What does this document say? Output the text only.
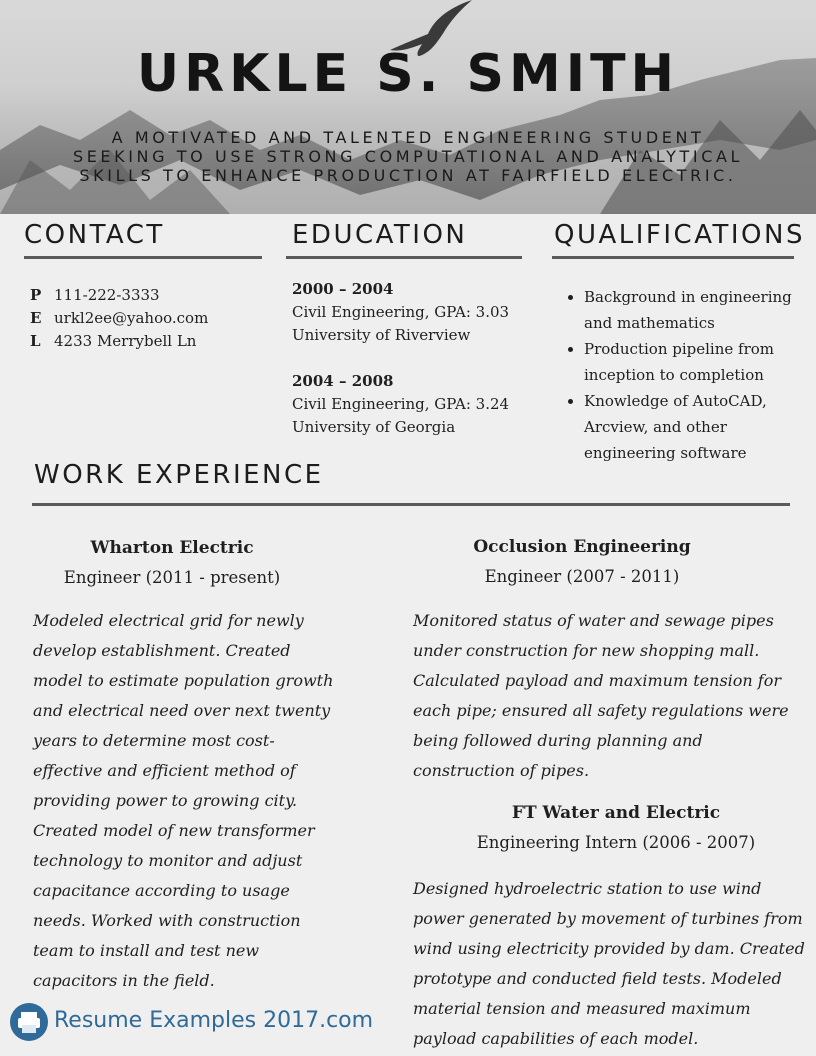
URKLE S. SMITH
A MOTIVATED AND TALENTED ENGINEERING STUDENT SEEKING TO USE STRONG COMPUTATIONAL AND ANALYTICAL SKILLS TO ENHANCE PRODUCTION AT FAIRFIELD ELECTRIC.
CONTACT
P 111-222-3333
E urkl2ee@yahoo.com
L 4233 Merrybell Ln
EDUCATION
2000 – 2004
Civil Engineering, GPA: 3.03
University of Riverview
2004 – 2008
Civil Engineering, GPA: 3.24
University of Georgia
QUALIFICATIONS
• Background in engineering and mathematics
• Production pipeline from inception to completion
• Knowledge of AutoCAD, Arcview, and other engineering software
WORK EXPERIENCE
Wharton Electric
Engineer (2011 - present)
Modeled electrical grid for newly develop establishment. Created model to estimate population growth and electrical need over next twenty years to determine most cost-effective and efficient method of providing power to growing city. Created model of new transformer technology to monitor and adjust capacitance according to usage needs. Worked with construction team to install and test new capacitors in the field.
Occlusion Engineering
Engineer (2007 - 2011)
Monitored status of water and sewage pipes under construction for new shopping mall. Calculated payload and maximum tension for each pipe; ensured all safety regulations were being followed during planning and construction of pipes.
FT Water and Electric
Engineering Intern (2006 - 2007)
Designed hydroelectric station to use wind power generated by movement of turbines from wind using electricity provided by dam. Created prototype and conducted field tests. Modeled material tension and measured maximum payload capabilities of each model.
Resume Examples 2017.com
